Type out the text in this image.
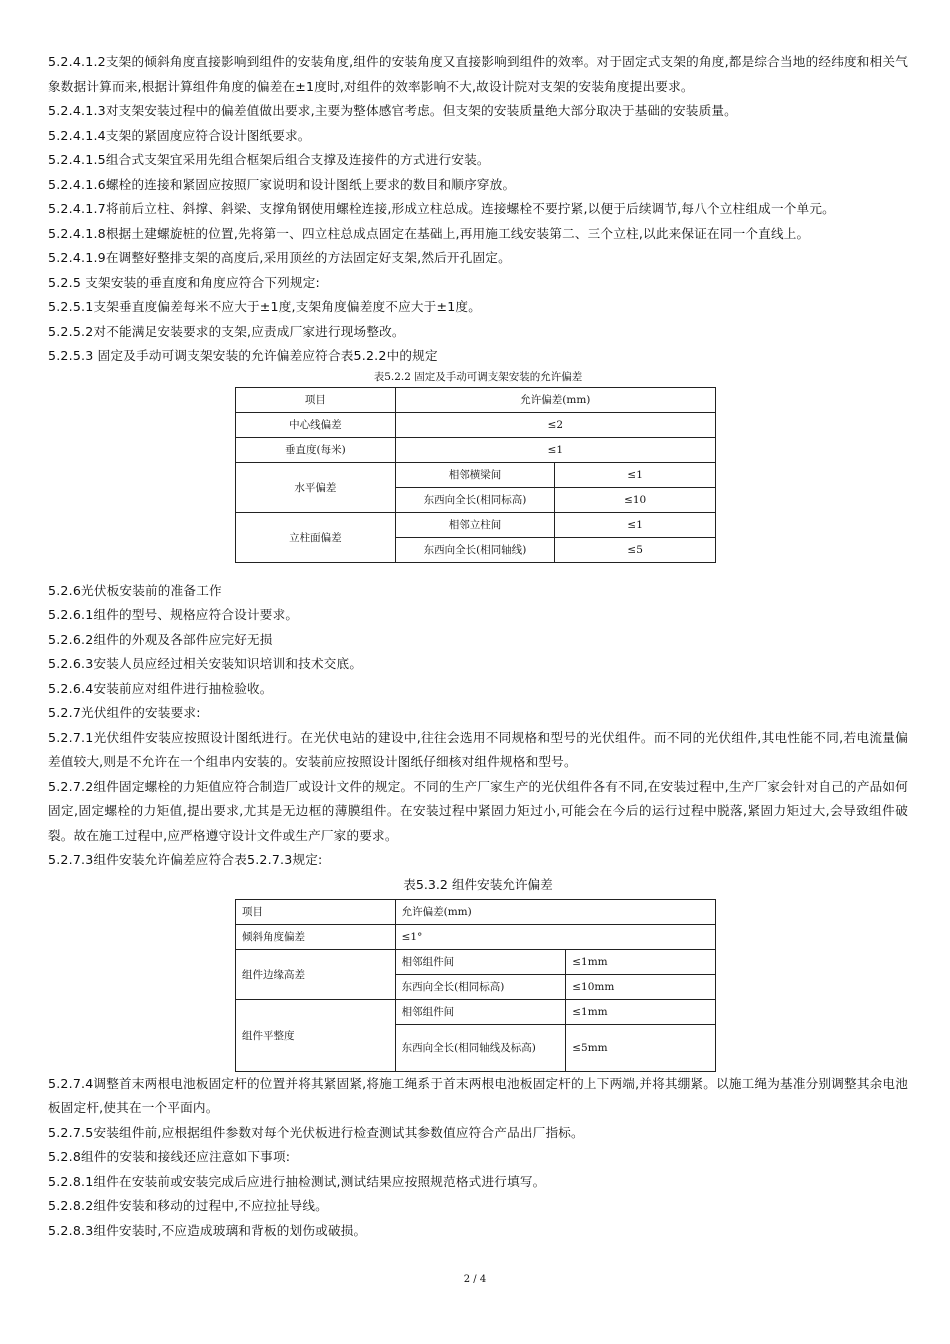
5.2.4.1.2支架的倾斜角度直接影响到组件的安装角度,组件的安装角度又直接影响到组件的效率。对于固定式支架的角度,都是综合当地的经纬度和相关气象数据计算而来,根据计算组件角度的偏差在±1度时,对组件的效率影响不大,故设计院对支架的安装角度提出要求。

5.2.4.1.3对支架安装过程中的偏差值做出要求,主要为整体感官考虑。但支架的安装质量绝大部分取决于基础的安装质量。

5.2.4.1.4支架的紧固度应符合设计图纸要求。

5.2.4.1.5组合式支架宜采用先组合框架后组合支撑及连接件的方式进行安装。

5.2.4.1.6螺栓的连接和紧固应按照厂家说明和设计图纸上要求的数目和顺序穿放。

5.2.4.1.7将前后立柱、斜撑、斜梁、支撑角钢使用螺栓连接,形成立柱总成。连接螺栓不要拧紧,以便于后续调节,每八个立柱组成一个单元。

5.2.4.1.8根据土建螺旋桩的位置,先将第一、四立柱总成点固定在基础上,再用施工线安装第二、三个立柱,以此来保证在同一个直线上。

5.2.4.1.9在调整好整排支架的高度后,采用顶丝的方法固定好支架,然后开孔固定。

5.2.5 支架安装的垂直度和角度应符合下列规定:

5.2.5.1支架垂直度偏差每米不应大于±1度,支架角度偏差度不应大于±1度。

5.2.5.2对不能满足安装要求的支架,应责成厂家进行现场整改。

5.2.5.3 固定及手动可调支架安装的允许偏差应符合表5.2.2中的规定

表5.2.2 固定及手动可调支架安装的允许偏差

项目	允许偏差(mm)	
中心线偏差	≤2	
垂直度(每米)	≤1	
水平偏差	相邻横梁间	≤1
	东西向全长(相同标高)	≤10
立柱面偏差	相邻立柱间	≤1
	东西向全长(相同轴线)	≤5

5.2.6光伏板安装前的准备工作

5.2.6.1组件的型号、规格应符合设计要求。

5.2.6.2组件的外观及各部件应完好无损

5.2.6.3安装人员应经过相关安装知识培训和技术交底。

5.2.6.4安装前应对组件进行抽检验收。

5.2.7光伏组件的安装要求:

5.2.7.1光伏组件安装应按照设计图纸进行。在光伏电站的建设中,往往会选用不同规格和型号的光伏组件。而不同的光伏组件,其电性能不同,若电流量偏差值较大,则是不允许在一个组串内安装的。安装前应按照设计图纸仔细核对组件规格和型号。

5.2.7.2组件固定螺栓的力矩值应符合制造厂或设计文件的规定。不同的生产厂家生产的光伏组件各有不同,在安装过程中,生产厂家会针对自己的产品如何固定,固定螺栓的力矩值,提出要求,尤其是无边框的薄膜组件。在安装过程中紧固力矩过小,可能会在今后的运行过程中脱落,紧固力矩过大,会导致组件破裂。故在施工过程中,应严格遵守设计文件或生产厂家的要求。

5.2.7.3组件安装允许偏差应符合表5.2.7.3规定:

表5.3.2 组件安装允许偏差

项目	允许偏差(mm)	
倾斜角度偏差	≤1°	
组件边缘高差	相邻组件间	≤1mm
	东西向全长(相同标高)	≤10mm
组件平整度	相邻组件间	≤1mm
	东西向全长(相同轴线及标高)	≤5mm

5.2.7.4调整首末两根电池板固定杆的位置并将其紧固紧,将施工绳系于首末两根电池板固定杆的上下两端,并将其绷紧。以施工绳为基准分别调整其余电池板固定杆,使其在一个平面内。

5.2.7.5安装组件前,应根据组件参数对每个光伏板进行检查测试其参数值应符合产品出厂指标。

5.2.8组件的安装和接线还应注意如下事项:

5.2.8.1组件在安装前或安装完成后应进行抽检测试,测试结果应按照规范格式进行填写。

5.2.8.2组件安装和移动的过程中,不应拉扯导线。

5.2.8.3组件安装时,不应造成玻璃和背板的划伤或破损。

2 / 4
